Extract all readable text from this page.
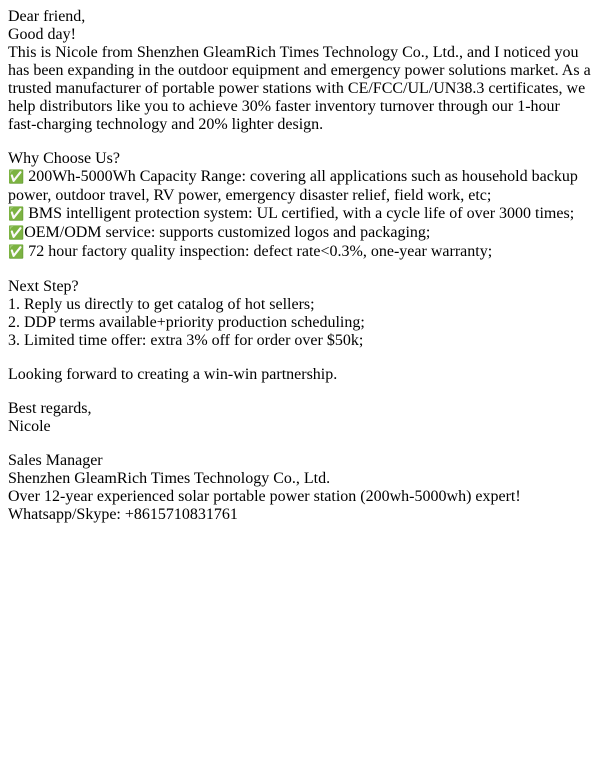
Dear friend,
Good day!
This is Nicole from Shenzhen GleamRich Times Technology Co., Ltd., and I noticed you has been expanding in the outdoor equipment and emergency power solutions market. As a trusted manufacturer of portable power stations with CE/FCC/UL/UN38.3 certificates, we help distributors like you to achieve 30% faster inventory turnover through our 1-hour fast-charging technology and 20% lighter design.
Why Choose Us?
✅ 200Wh-5000Wh Capacity Range: covering all applications such as household backup power, outdoor travel, RV power, emergency disaster relief, field work, etc;
✅ BMS intelligent protection system: UL certified, with a cycle life of over 3000 times;
✅OEM/ODM service: supports customized logos and packaging;
✅ 72 hour factory quality inspection: defect rate<0.3%, one-year warranty;
Next Step?
1. Reply us directly to get catalog of hot sellers;
2. DDP terms available+priority production scheduling;
3. Limited time offer: extra 3% off for order over $50k;
Looking forward to creating a win-win partnership.
Best regards,
Nicole
Sales Manager
Shenzhen GleamRich Times Technology Co., Ltd.
Over 12-year experienced solar portable power station (200wh-5000wh) expert!
Whatsapp/Skype: +8615710831761
